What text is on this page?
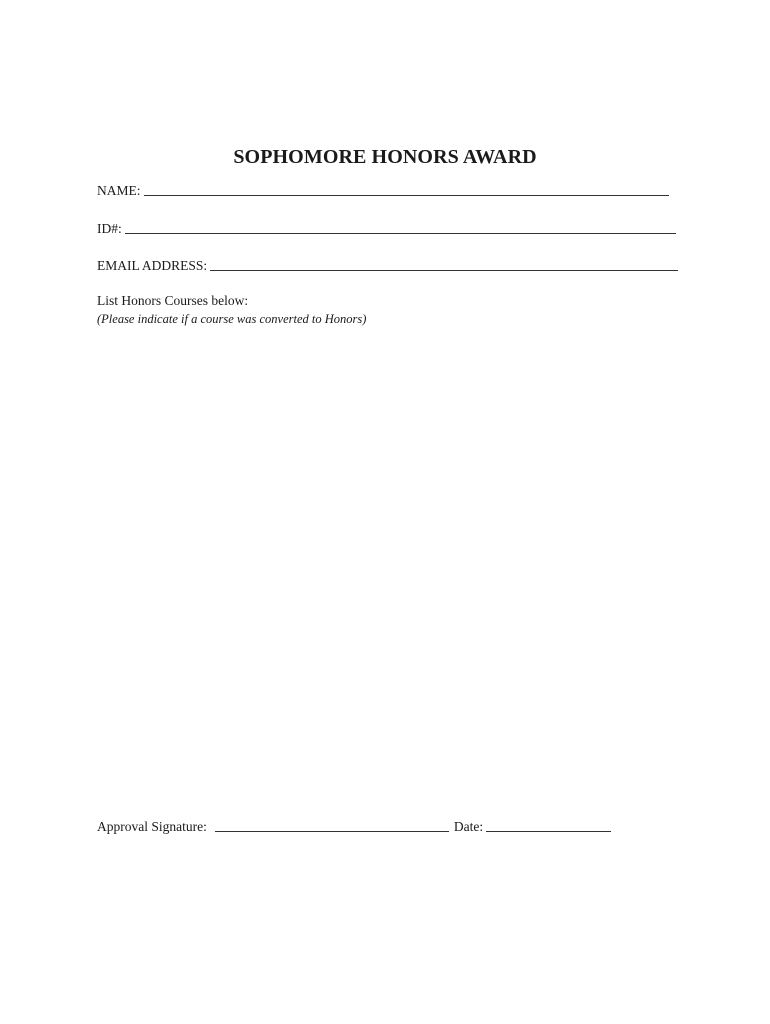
SOPHOMORE HONORS AWARD
NAME:
ID#:
EMAIL ADDRESS:
List Honors Courses below:
(Please indicate if a course was converted to Honors)
Approval Signature:	Date:
